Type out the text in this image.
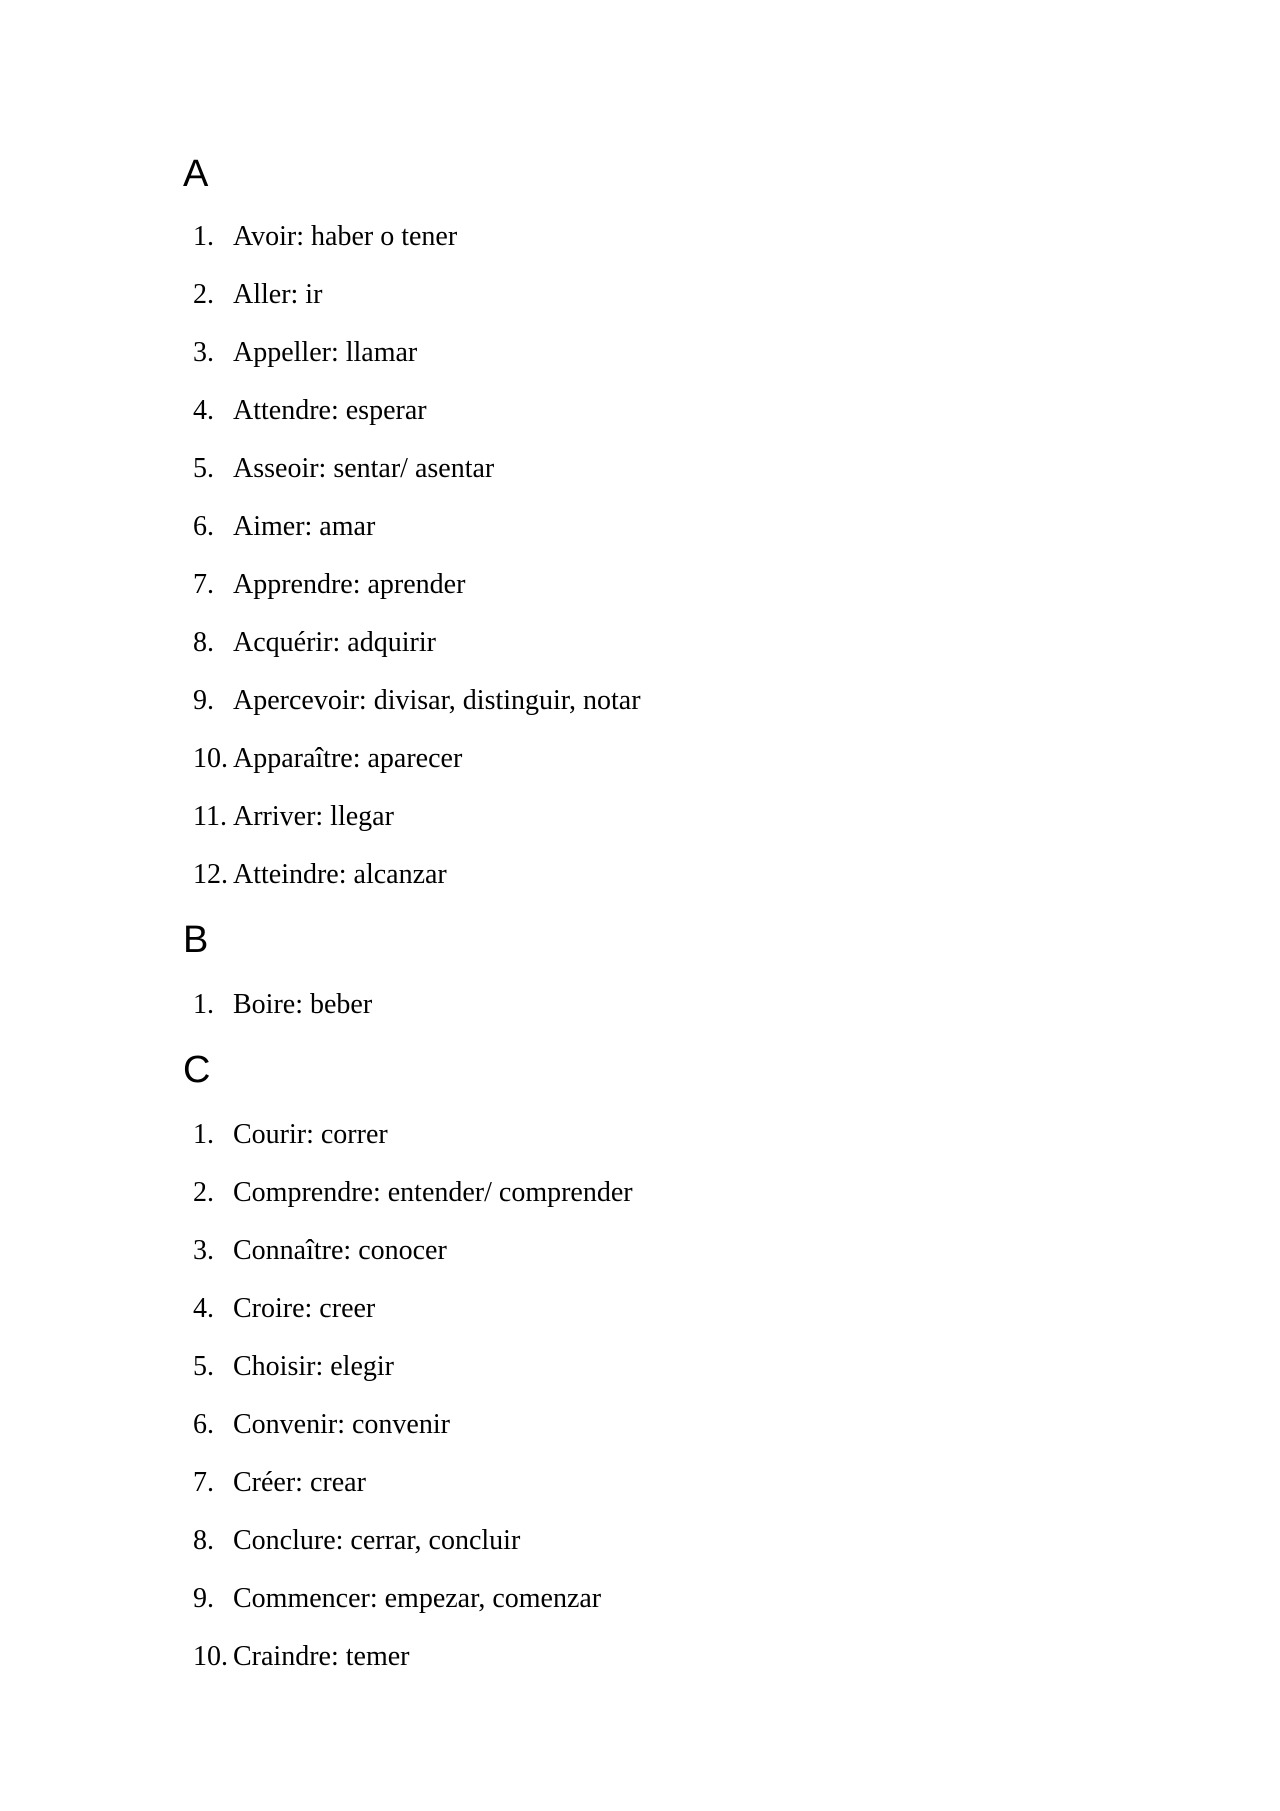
A
1. Avoir: haber o tener
2. Aller: ir
3. Appeller: llamar
4. Attendre: esperar
5. Asseoir: sentar/ asentar
6. Aimer: amar
7. Apprendre: aprender
8. Acquérir: adquirir
9. Apercevoir: divisar, distinguir, notar
10. Apparaître: aparecer
11. Arriver: llegar
12. Atteindre: alcanzar
B
1. Boire: beber
C
1. Courir: correr
2. Comprendre: entender/ comprender
3. Connaître: conocer
4. Croire: creer
5. Choisir: elegir
6. Convenir: convenir
7. Créer: crear
8. Conclure: cerrar, concluir
9. Commencer: empezar, comenzar
10. Craindre: temer
